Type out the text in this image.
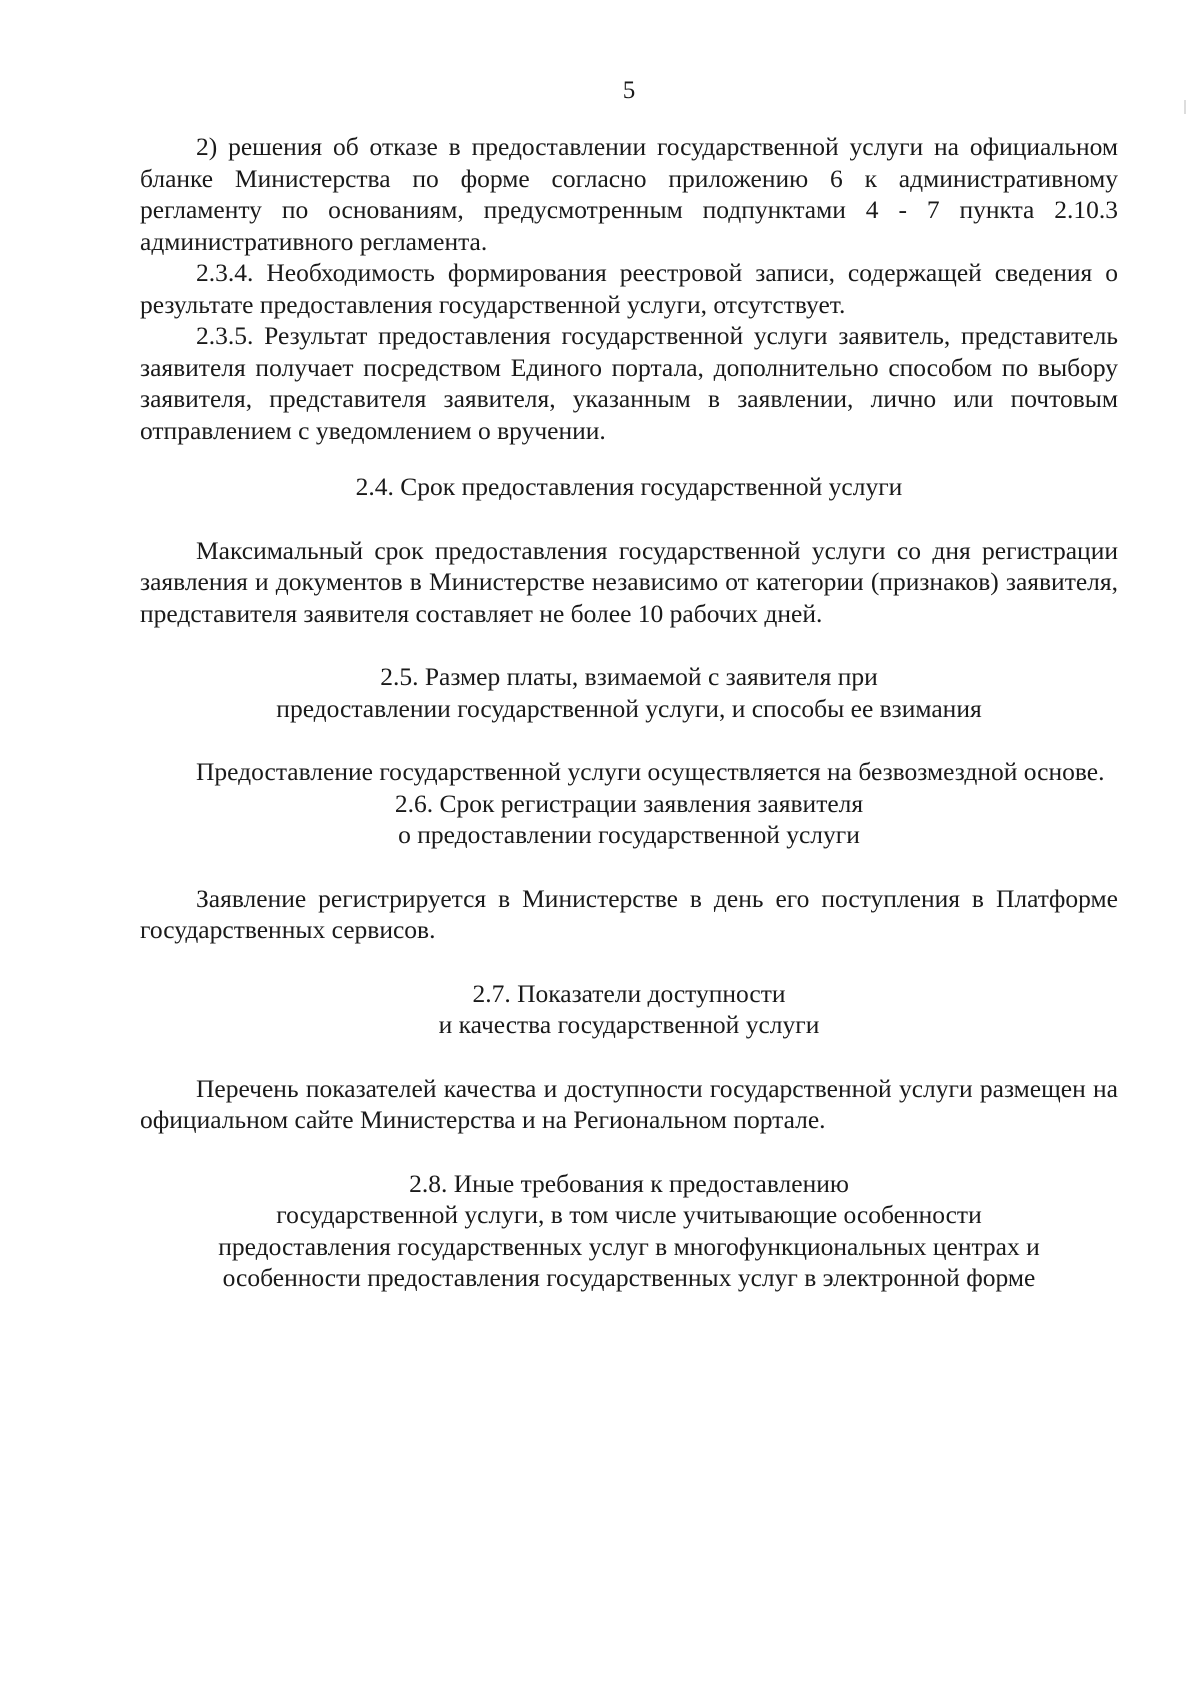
5

2) решения об отказе в предоставлении государственной услуги на официальном бланке Министерства по форме согласно приложению 6 к административному регламенту по основаниям, предусмотренным подпунктами 4 - 7 пункта 2.10.3 административного регламента.

2.3.4. Необходимость формирования реестровой записи, содержащей сведения о результате предоставления государственной услуги, отсутствует.

2.3.5. Результат предоставления государственной услуги заявитель, представитель заявителя получает посредством Единого портала, дополнительно способом по выбору заявителя, представителя заявителя, указанным в заявлении, лично или почтовым отправлением с уведомлением о вручении.

2.4. Срок предоставления государственной услуги

Максимальный срок предоставления государственной услуги со дня регистрации заявления и документов в Министерстве независимо от категории (признаков) заявителя, представителя заявителя составляет не более 10 рабочих дней.

2.5. Размер платы, взимаемой с заявителя при

предоставлении государственной услуги, и способы ее взимания

Предоставление государственной услуги осуществляется на безвозмездной основе.

2.6. Срок регистрации заявления заявителя

о предоставлении государственной услуги

Заявление регистрируется в Министерстве в день его поступления в Платформе государственных сервисов.

2.7. Показатели доступности

и качества государственной услуги

Перечень показателей качества и доступности государственной услуги размещен на официальном сайте Министерства и на Региональном портале.

2.8. Иные требования к предоставлению

государственной услуги, в том числе учитывающие особенности

предоставления государственных услуг в многофункциональных центрах и

особенности предоставления государственных услуг в электронной форме
